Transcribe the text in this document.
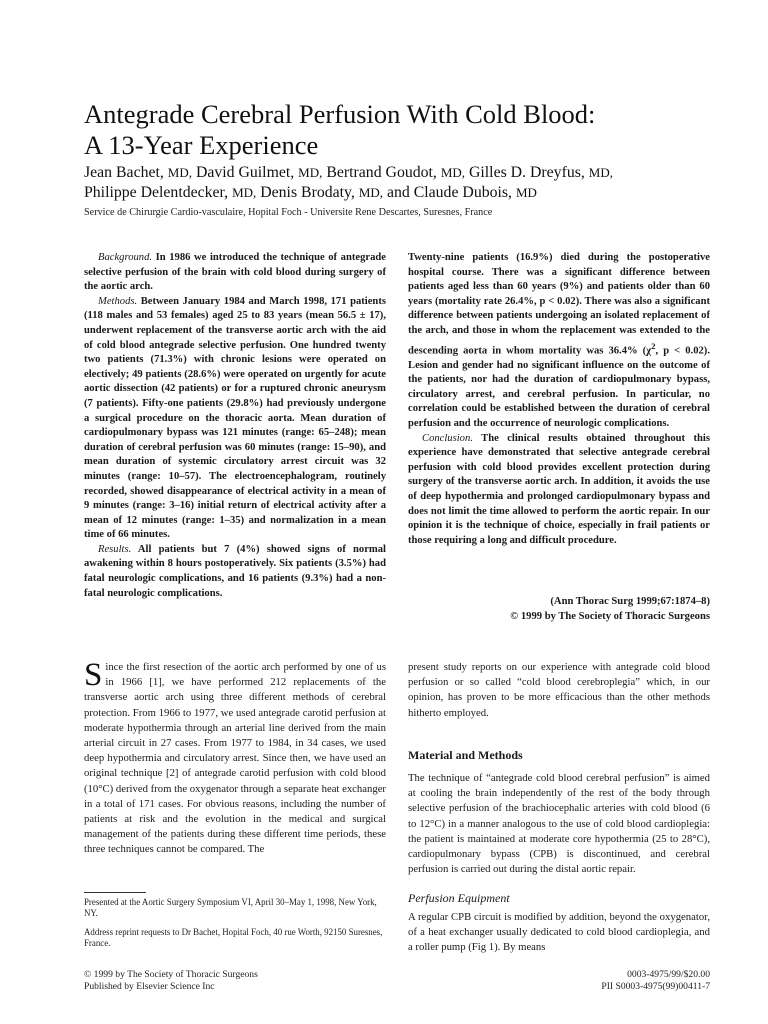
Antegrade Cerebral Perfusion With Cold Blood:
A 13-Year Experience
Jean Bachet, MD, David Guilmet, MD, Bertrand Goudot, MD, Gilles D. Dreyfus, MD,
Philippe Delentdecker, MD, Denis Brodaty, MD, and Claude Dubois, MD
Service de Chirurgie Cardio-vasculaire, Hopital Foch - Universite Rene Descartes, Suresnes, France

Background. In 1986 we introduced the technique of antegrade selective perfusion of the brain with cold blood during surgery of the aortic arch.

Methods. Between January 1984 and March 1998, 171 patients (118 males and 53 females) aged 25 to 83 years (mean 56.5 ± 17), underwent replacement of the transverse aortic arch with the aid of cold blood antegrade selective perfusion. One hundred twenty two patients (71.3%) with chronic lesions were operated on electively; 49 patients (28.6%) were operated on urgently for acute aortic dissection (42 patients) or for a ruptured chronic aneurysm (7 patients). Fifty-one patients (29.8%) had previously undergone a surgical procedure on the thoracic aorta. Mean duration of cardiopulmonary bypass was 121 minutes (range: 65–248); mean duration of cerebral perfusion was 60 minutes (range: 15–90), and mean duration of systemic circulatory arrest circuit was 32 minutes (range: 10–57). The electroencephalogram, routinely recorded, showed disappearance of electrical activity in a mean of 9 minutes (range: 3–16) initial return of electrical activity after a mean of 12 minutes (range: 1–35) and normalization in a mean time of 66 minutes.

Results. All patients but 7 (4%) showed signs of normal awakening within 8 hours postoperatively. Six patients (3.5%) had fatal neurologic complications, and 16 patients (9.3%) had a non-fatal neurologic complications.

Twenty-nine patients (16.9%) died during the postoperative hospital course. There was a significant difference between patients aged less than 60 years (9%) and patients older than 60 years (mortality rate 26.4%, p < 0.02). There was also a significant difference between patients undergoing an isolated replacement of the arch, and those in whom the replacement was extended to the descending aorta in whom mortality was 36.4% ($\chi^2$, p < 0.02). Lesion and gender had no significant influence on the outcome of the patients, nor had the duration of cardiopulmonary bypass, circulatory arrest, and cerebral perfusion. In particular, no correlation could be established between the duration of cerebral perfusion and the occurrence of neurologic complications.

Conclusion. The clinical results obtained throughout this experience have demonstrated that selective antegrade cerebral perfusion with cold blood provides excellent protection during surgery of the transverse aortic arch. In addition, it avoids the use of deep hypothermia and prolonged cardiopulmonary bypass and does not limit the time allowed to perform the aortic repair. In our opinion it is the technique of choice, especially in frail patients or those requiring a long and difficult procedure.

(Ann Thorac Surg 1999;67:1874–8)
© 1999 by The Society of Thoracic Surgeons

Since the first resection of the aortic arch performed by one of us in 1966 [1], we have performed 212 replacements of the transverse aortic arch using three different methods of cerebral protection. From 1966 to 1977, we used antegrade carotid perfusion at moderate hypothermia through an arterial line derived from the main arterial circuit in 27 cases. From 1977 to 1984, in 34 cases, we used deep hypothermia and circulatory arrest. Since then, we have used an original technique [2] of antegrade carotid perfusion with cold blood (10°C) derived from the oxygenator through a separate heat exchanger in a total of 171 cases. For obvious reasons, including the number of patients at risk and the evolution in the medical and surgical management of the patients during these different time periods, these three techniques cannot be compared. The

present study reports on our experience with antegrade cold blood perfusion or so called “cold blood cerebroplegia” which, in our opinion, has proven to be more efficacious than the other methods hitherto employed.

Material and Methods

The technique of “antegrade cold blood cerebral perfusion” is aimed at cooling the brain independently of the rest of the body through selective perfusion of the brachiocephalic arteries with cold blood (6 to 12°C) in a manner analogous to the use of cold blood cardioplegia: the patient is maintained at moderate core hypothermia (25 to 28°C), cardiopulmonary bypass (CPB) is discontinued, and cerebral perfusion is carried out during the distal aortic repair.

Perfusion Equipment

A regular CPB circuit is modified by addition, beyond the oxygenator, of a heat exchanger usually dedicated to cold blood cardioplegia, and a roller pump (Fig 1). By means

Presented at the Aortic Surgery Symposium VI, April 30–May 1, 1998, New York, NY.

Address reprint requests to Dr Bachet, Hopital Foch, 40 rue Worth, 92150 Suresnes, France.

© 1999 by The Society of Thoracic Surgeons
Published by Elsevier Science Inc
0003-4975/99/$20.00
PII S0003-4975(99)00411-7
